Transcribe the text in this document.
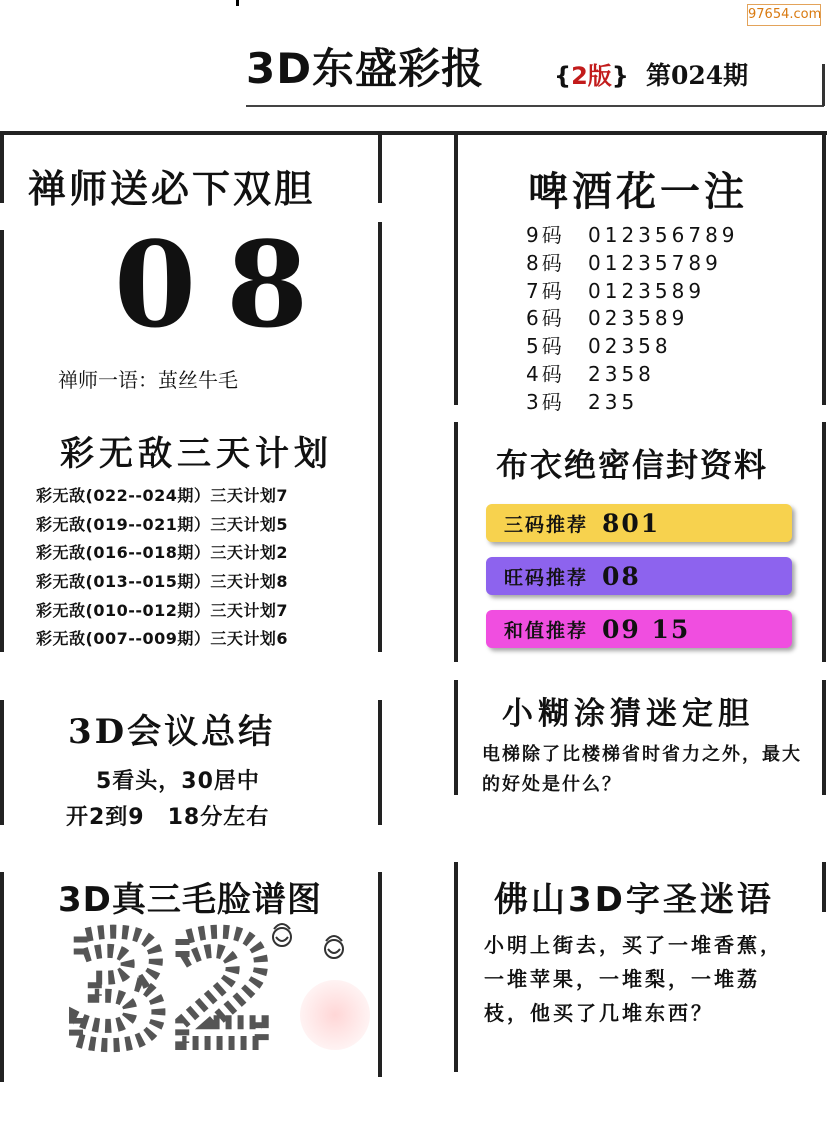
97654.com
3D东盛彩报	{2版} 第024期
禅师送必下双胆
08
禅师一语：茧丝牛毛
彩无敌三天计划
彩无敌(022--024期）三天计划7
彩无敌(019--021期）三天计划5
彩无敌(016--018期）三天计划2
彩无敌(013--015期）三天计划8
彩无敌(010--012期）三天计划7
彩无敌(007--009期）三天计划6
3D会议总结
5看头，30居中
开2到9　18分左右
3D真三毛脸谱图
32
啤酒花一注
9码 012356789
8码 01235789
7码 0123589
6码 023589
5码 02358
4码 2358
3码 235
布衣绝密信封资料
三码推荐 801
旺码推荐 08
和值推荐 09 15
小糊涂猜迷定胆
电梯除了比楼梯省时省力之外，最大的好处是什么？
佛山3D字圣迷语
小明上街去，买了一堆香蕉，一堆苹果，一堆梨，一堆荔枝，他买了几堆东西？
